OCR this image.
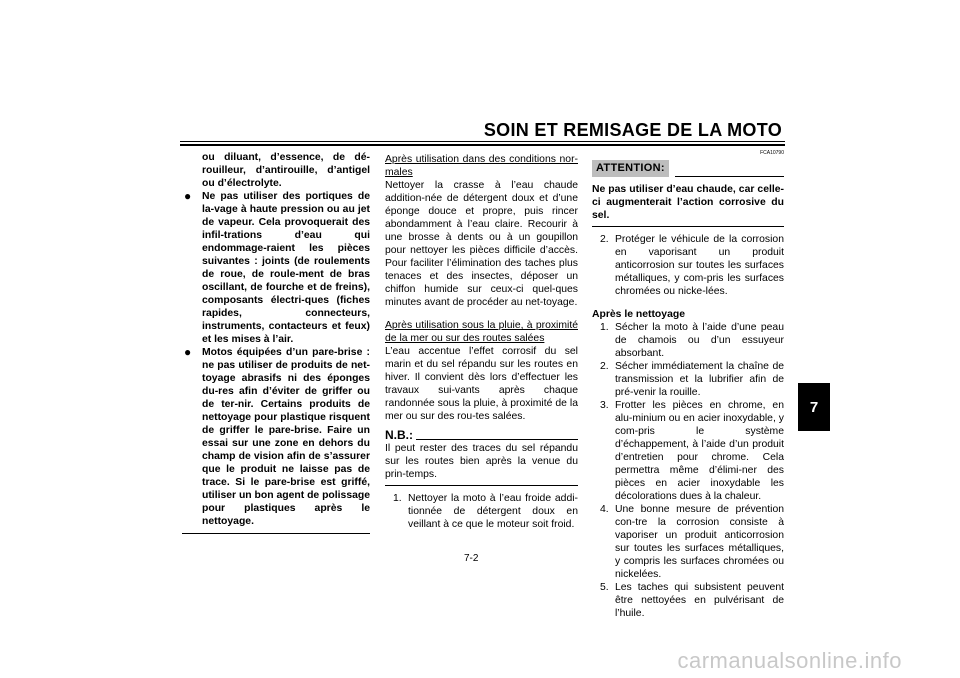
SOIN ET REMISAGE DE LA MOTO
7

ou diluant, d’essence, de dé-rouilleur, d’antirouille, d’antigel ou d’électrolyte.

● Ne pas utiliser des portiques de la-vage à haute pression ou au jet de vapeur. Cela provoquerait des infil-trations d’eau qui endommage-raient les pièces suivantes : joints (de roulements de roue, de roule-ment de bras oscillant, de fourche et de freins), composants électri-ques (fiches rapides, connecteurs, instruments, contacteurs et feux) et les mises à l’air.

● Motos équipées d’un pare-brise : ne pas utiliser de produits de net-toyage abrasifs ni des éponges du-res afin d’éviter de griffer ou de ter-nir. Certains produits de nettoyage pour plastique risquent de griffer le pare-brise. Faire un essai sur une zone en dehors du champ de vision afin de s’assurer que le produit ne laisse pas de trace. Si le pare-brise est griffé, utiliser un bon agent de polissage pour plastiques après le nettoyage.

Après utilisation dans des conditions nor-males

Nettoyer la crasse à l’eau chaude addition-née de détergent doux et d’une éponge douce et propre, puis rincer abondamment à l’eau claire. Recourir à une brosse à dents ou à un goupillon pour nettoyer les pièces difficile d’accès. Pour faciliter l’élimination des taches plus tenaces et des insectes, déposer un chiffon humide sur ceux-ci quel-ques minutes avant de procéder au net-toyage.

Après utilisation sous la pluie, à proximité de la mer ou sur des routes salées

L’eau accentue l’effet corrosif du sel marin et du sel répandu sur les routes en hiver. Il convient dès lors d’effectuer les travaux sui-vants après chaque randonnée sous la pluie, à proximité de la mer ou sur des rou-tes salées.

N.B.:

Il peut rester des traces du sel répandu sur les routes bien après la venue du prin-temps.

1. Nettoyer la moto à l’eau froide addi-tionnée de détergent doux en veillant à ce que le moteur soit froid.
FCA10790
ATTENTION:

Ne pas utiliser d’eau chaude, car celle-ci augmenterait l’action corrosive du sel.

2. Protéger le véhicule de la corrosion en vaporisant un produit anticorrosion sur toutes les surfaces métalliques, y com-pris les surfaces chromées ou nicke-lées.

Après le nettoyage

1. Sécher la moto à l’aide d’une peau de chamois ou d’un essuyeur absorbant.
2. Sécher immédiatement la chaîne de transmission et la lubrifier afin de pré-venir la rouille.
3. Frotter les pièces en chrome, en alu-minium ou en acier inoxydable, y com-pris le système d’échappement, à l’aide d’un produit d’entretien pour chrome. Cela permettra même d’élimi-ner des pièces en acier inoxydable les décolorations dues à la chaleur.
4. Une bonne mesure de prévention con-tre la corrosion consiste à vaporiser un produit anticorrosion sur toutes les surfaces métalliques, y compris les surfaces chromées ou nickelées.
5. Les taches qui subsistent peuvent être nettoyées en pulvérisant de l’huile.
7-2
carmanualsonline.info
